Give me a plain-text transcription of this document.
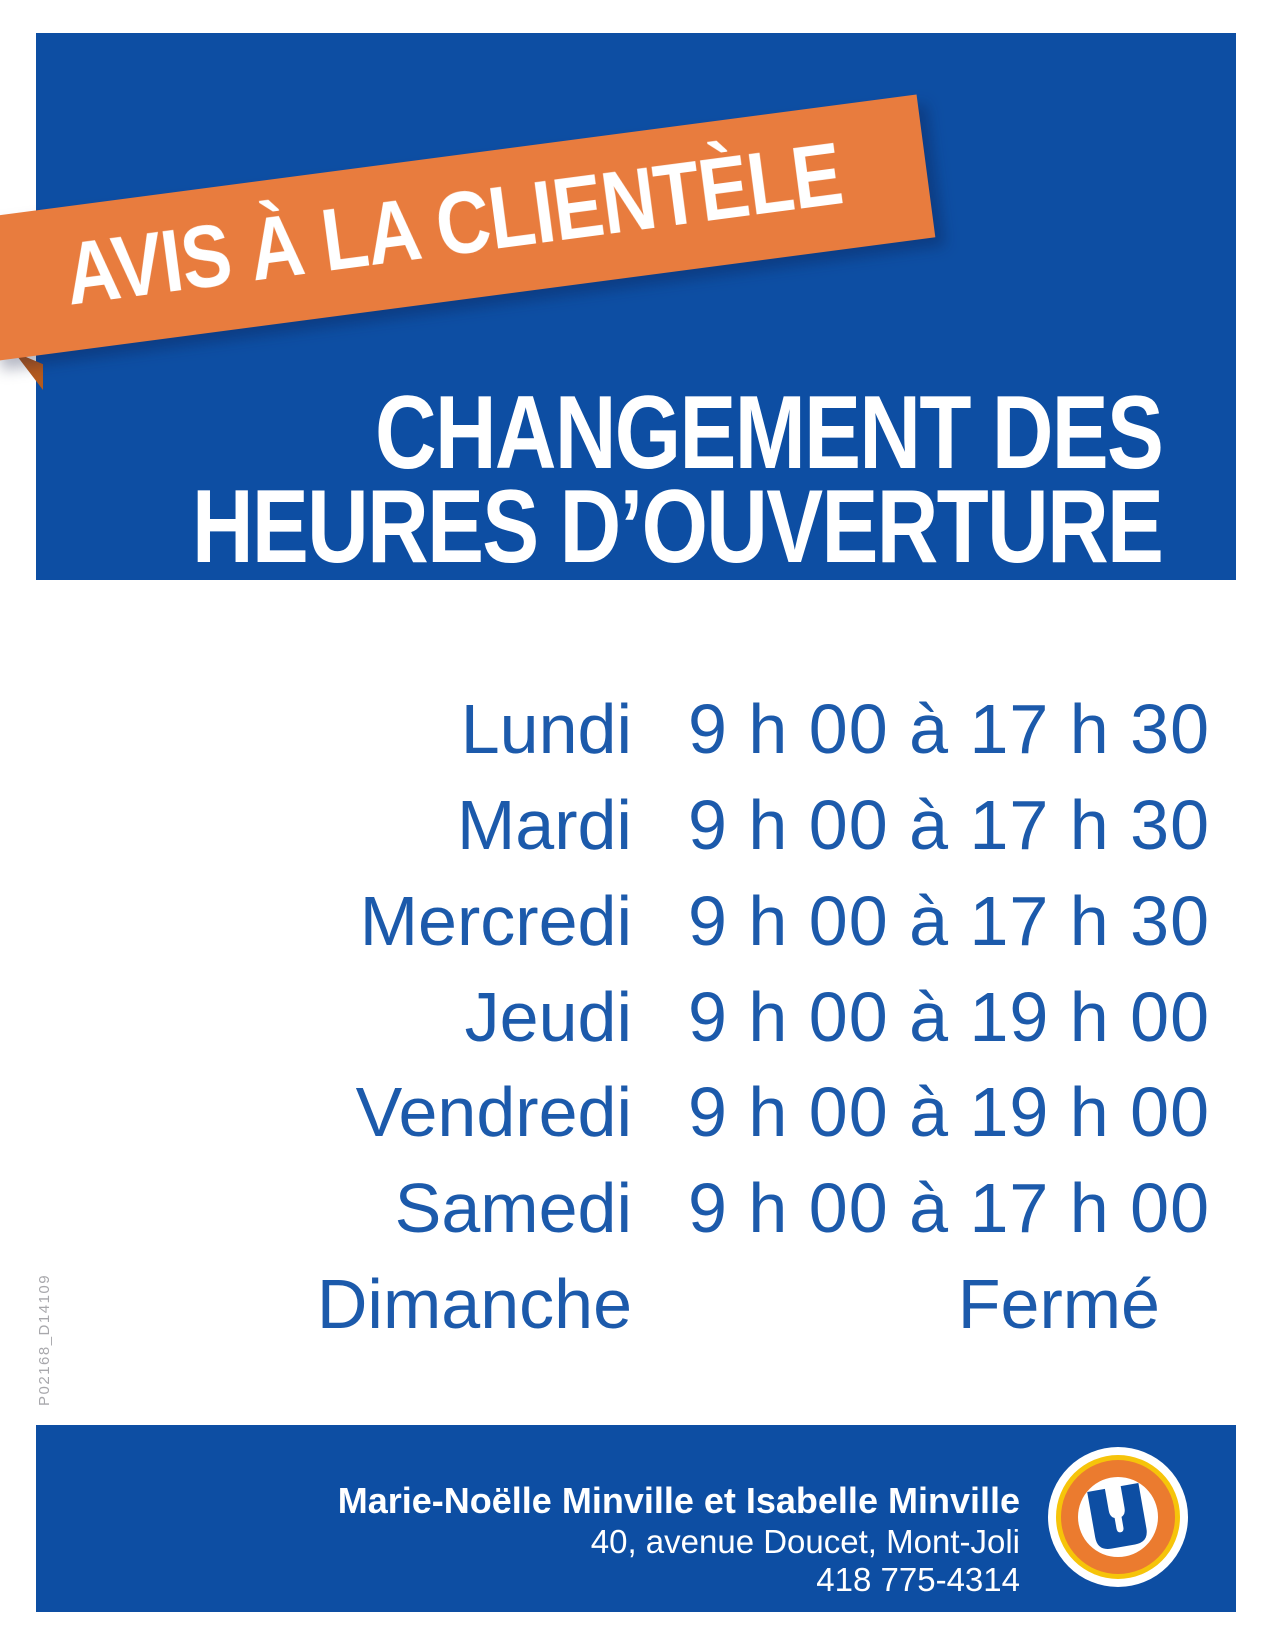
AVIS À LA CLIENTÈLE
CHANGEMENT DES
HEURES D’OUVERTURE
Lundi 9 h 00 à 17 h 30
Mardi 9 h 00 à 17 h 30
Mercredi 9 h 00 à 17 h 30
Jeudi 9 h 00 à 19 h 00
Vendredi 9 h 00 à 19 h 00
Samedi 9 h 00 à 17 h 00
Dimanche	Fermé
P02168_D14109
Marie-Noëlle Minville et Isabelle Minville
40, avenue Doucet, Mont-Joli
418 775-4314
